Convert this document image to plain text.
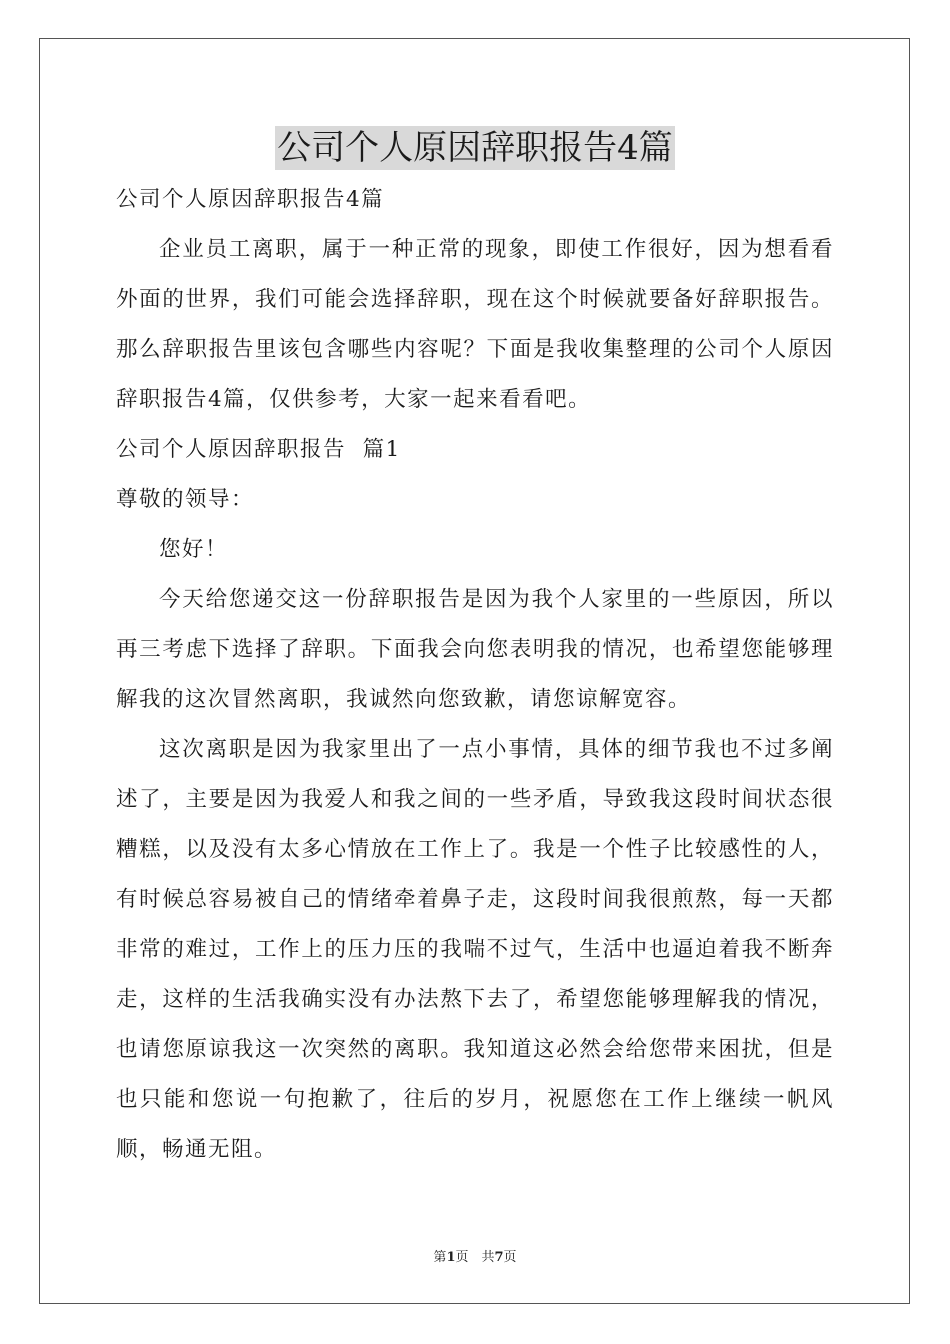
公司个人原因辞职报告4篇
公司个人原因辞职报告4篇

企业员工离职，属于一种正常的现象，即使工作很好，因为想看看外面的世界，我们可能会选择辞职，现在这个时候就要备好辞职报告。那么辞职报告里该包含哪些内容呢？下面是我收集整理的公司个人原因辞职报告4篇，仅供参考，大家一起来看看吧。

公司个人原因辞职报告  篇1
尊敬的领导：

您好！

今天给您递交这一份辞职报告是因为我个人家里的一些原因，所以再三考虑下选择了辞职。下面我会向您表明我的情况，也希望您能够理解我的这次冒然离职，我诚然向您致歉，请您谅解宽容。

这次离职是因为我家里出了一点小事情，具体的细节我也不过多阐述了，主要是因为我爱人和我之间的一些矛盾，导致我这段时间状态很糟糕，以及没有太多心情放在工作上了。我是一个性子比较感性的人，有时候总容易被自己的情绪牵着鼻子走，这段时间我很煎熬，每一天都非常的难过，工作上的压力压的我喘不过气，生活中也逼迫着我不断奔走，这样的生活我确实没有办法熬下去了，希望您能够理解我的情况，也请您原谅我这一次突然的离职。我知道这必然会给您带来困扰，但是也只能和您说一句抱歉了，往后的岁月，祝愿您在工作上继续一帆风顺，畅通无阻。

第1页　共7页
